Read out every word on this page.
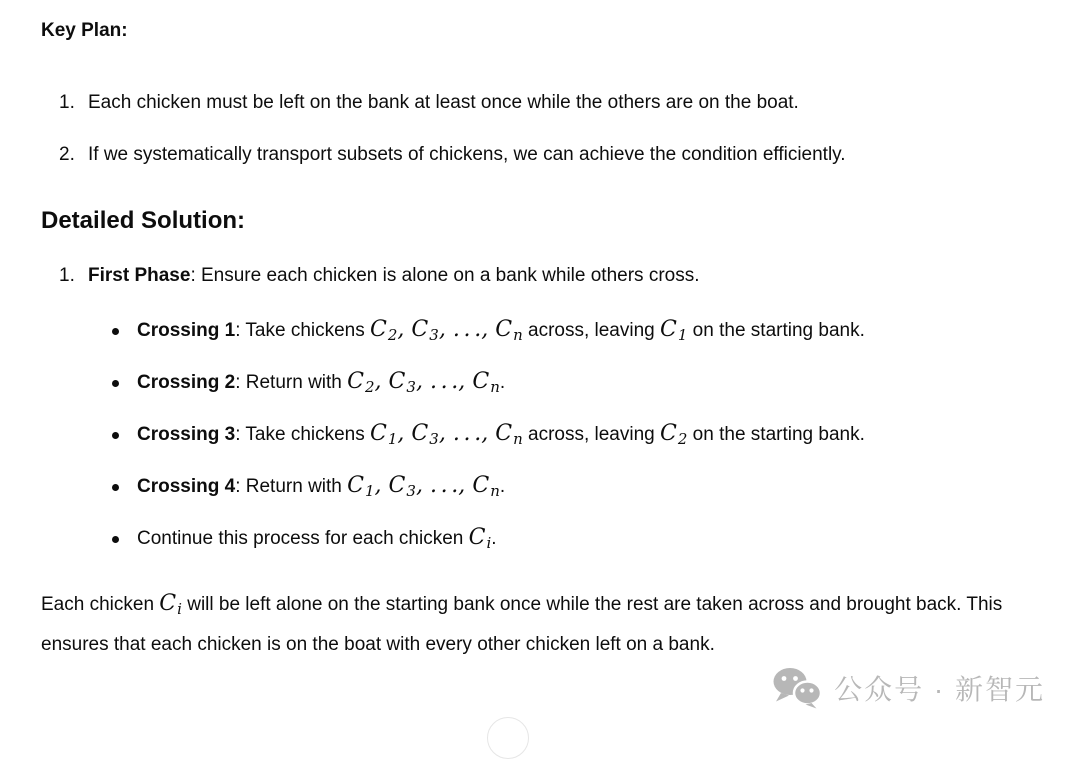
Key Plan:
1. Each chicken must be left on the bank at least once while the others are on the boat.
2. If we systematically transport subsets of chickens, we can achieve the condition efficiently.
Detailed Solution:
1. First Phase: Ensure each chicken is alone on a bank while others cross.
Crossing 1: Take chickens $C_2$, $C_3$, . . ., $C_n$ across, leaving $C_1$ on the starting bank.
Crossing 2: Return with $C_2$, $C_3$, . . ., $C_n$.
Crossing 3: Take chickens $C_1$, $C_3$, . . ., $C_n$ across, leaving $C_2$ on the starting bank.
Crossing 4: Return with $C_1$, $C_3$, . . ., $C_n$.
Continue this process for each chicken $C_i$.

Each chicken $C_i$ will be left alone on the starting bank once while the rest are taken across and brought back. This ensures that each chicken is on the boat with every other chicken left on a bank.

公众号 · 新智元
